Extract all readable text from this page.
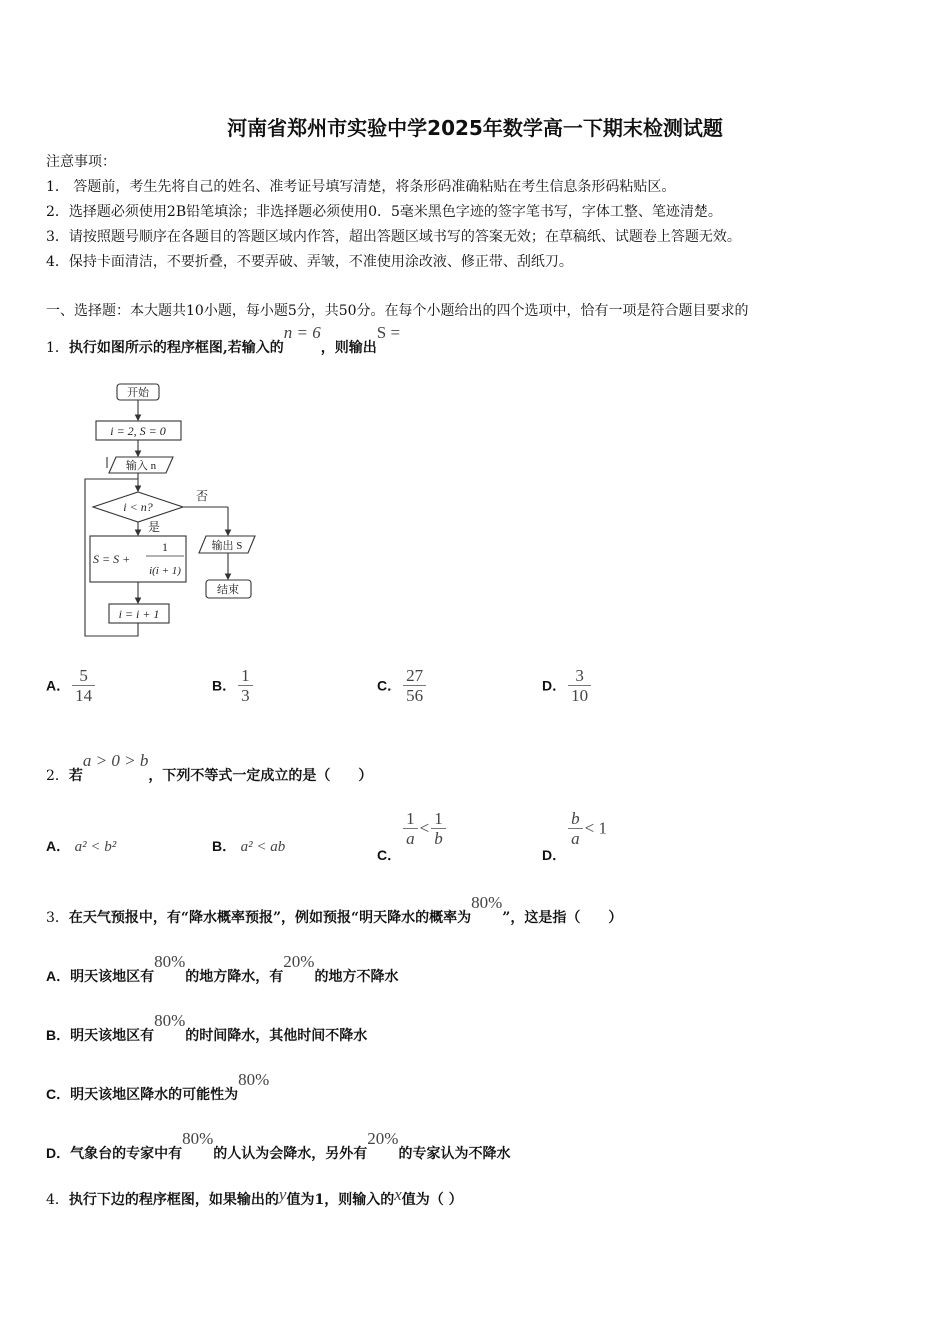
河南省郑州市实验中学2025年数学高一下期末检测试题
注意事项：
1． 答题前，考生先将自己的姓名、准考证号填写清楚，将条形码准确粘贴在考生信息条形码粘贴区。
2．选择题必须使用2B铅笔填涂；非选择题必须使用0．5毫米黑色字迹的签字笔书写，字体工整、笔迹清楚。
3．请按照题号顺序在各题目的答题区域内作答，超出答题区域书写的答案无效；在草稿纸、试题卷上答题无效。
4．保持卡面清洁，不要折叠，不要弄破、弄皱，不准使用涂改液、修正带、刮纸刀。
一、选择题：本大题共10小题，每小题5分，共50分。在每个小题给出的四个选项中，恰有一项是符合题目要求的
1．执行如图所示的程序框图,若输入的n = 6，则输出S =
开始
i = 2, S = 0
输入 n
i < n?
否
是
S = S +
1
i(i + 1)
输出 S
结束
i = i + 1
A． $\frac{5}{14}$	B． $\frac{1}{3}$	C． $\frac{27}{56}$	D． $\frac{3}{10}$
2．若a > 0 > b，下列不等式一定成立的是（　　）
A． a² < b²	B． a² < ab	C．
$\frac{1}{a} < \frac{1}{b}$
D．
$\frac{b}{a} < 1$
3．在天气预报中，有“降水概率预报”，例如预报“明天降水的概率为80%”，这是指（　　）
A．明天该地区有80%的地方降水，有20%的地方不降水
B．明天该地区有80%的时间降水，其他时间不降水
C．明天该地区降水的可能性为80%
D．气象台的专家中有80%的人认为会降水，另外有20%的专家认为不降水
4．执行下边的程序框图，如果输出的y值为1，则输入的x值为（ ）
